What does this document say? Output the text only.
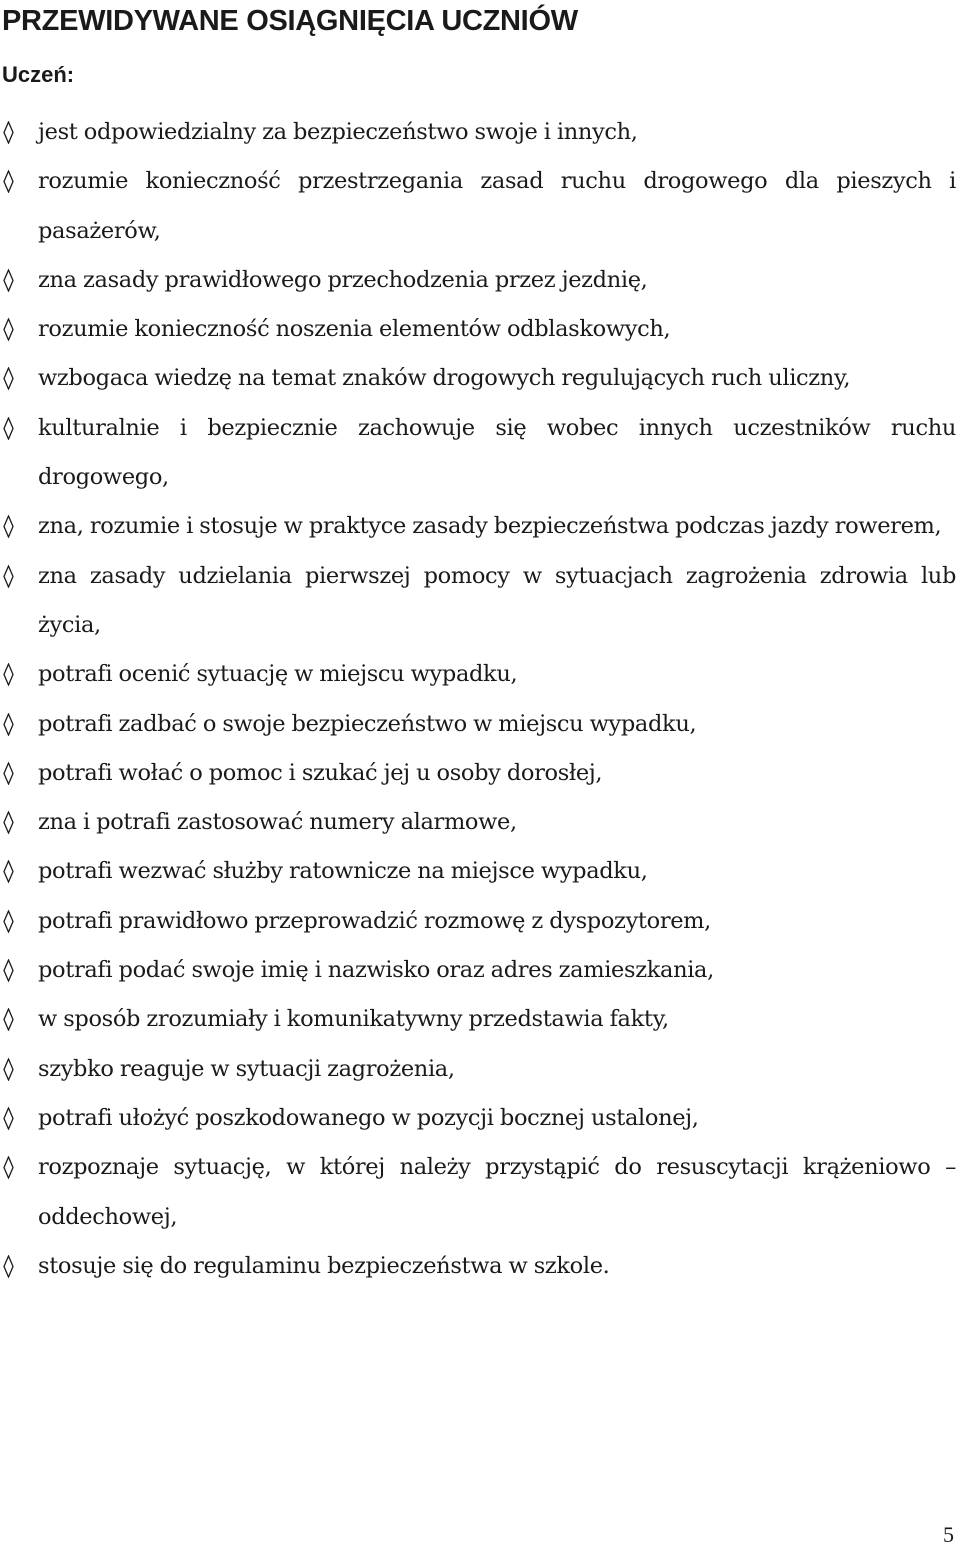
PRZEWIDYWANE OSIĄGNIĘCIA UCZNIÓW
Uczeń:
jest odpowiedzialny za bezpieczeństwo swoje i innych,
rozumie konieczność przestrzegania zasad ruchu drogowego dla pieszych i pasażerów,
zna zasady prawidłowego przechodzenia przez jezdnię,
rozumie konieczność noszenia elementów odblaskowych,
wzbogaca wiedzę na temat znaków drogowych regulujących ruch uliczny,
kulturalnie i bezpiecznie zachowuje się wobec innych uczestników ruchu drogowego,
zna, rozumie i stosuje w praktyce zasady bezpieczeństwa podczas jazdy rowerem,
zna zasady udzielania pierwszej pomocy w sytuacjach zagrożenia zdrowia lub życia,
potrafi ocenić sytuację w miejscu wypadku,
potrafi zadbać o swoje bezpieczeństwo w miejscu wypadku,
potrafi wołać o pomoc i szukać jej u osoby dorosłej,
zna i potrafi zastosować numery alarmowe,
potrafi wezwać służby ratownicze na miejsce wypadku,
potrafi prawidłowo przeprowadzić rozmowę z dyspozytorem,
potrafi podać swoje imię i nazwisko oraz adres zamieszkania,
w sposób zrozumiały i komunikatywny przedstawia fakty,
szybko reaguje w sytuacji zagrożenia,
potrafi ułożyć poszkodowanego w pozycji bocznej ustalonej,
rozpoznaje sytuację, w której należy przystąpić do resuscytacji krążeniowo – oddechowej,
stosuje się do regulaminu bezpieczeństwa w szkole.
5
